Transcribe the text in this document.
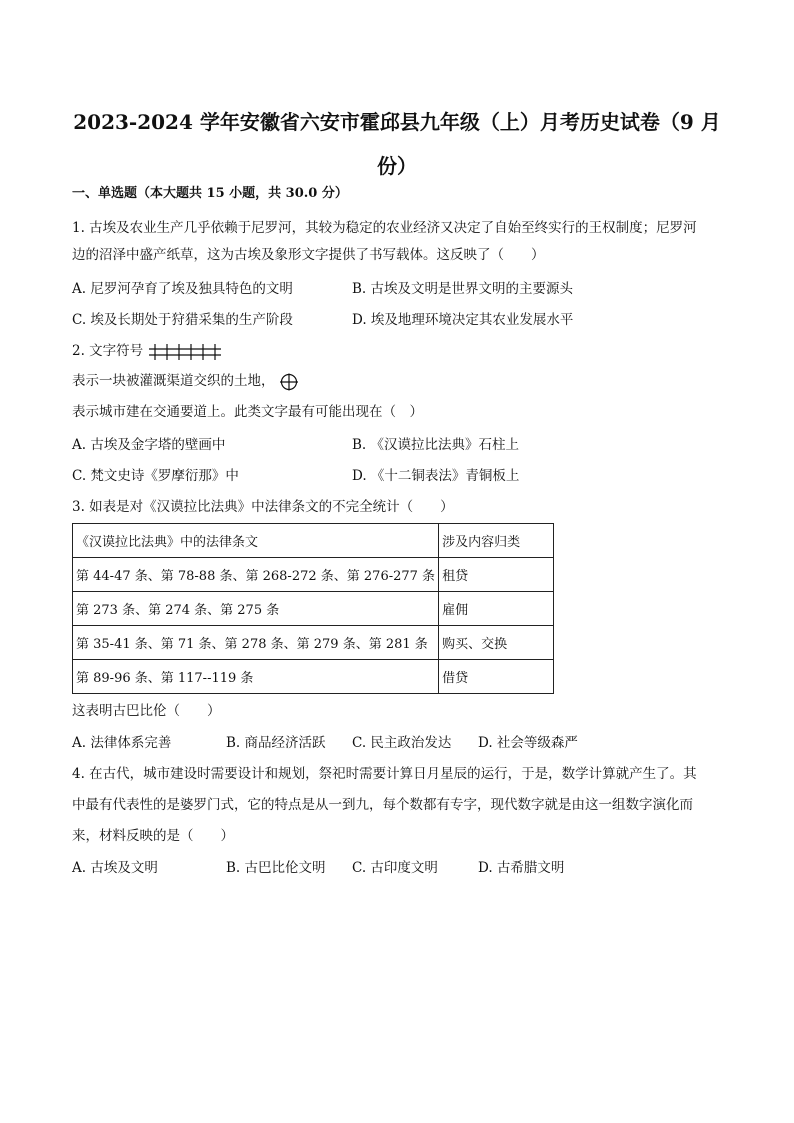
2023-2024 学年安徽省六安市霍邱县九年级（上）月考历史试卷（9 月
份）
一、单选题（本大题共 15 小题，共 30.0 分）
1. 古埃及农业生产几乎依赖于尼罗河，其较为稳定的农业经济又决定了自始至终实行的王权制度；尼罗河
边的沼泽中盛产纸草，这为古埃及象形文字提供了书写载体。这反映了（　　）
A. 尼罗河孕育了埃及独具特色的文明	B. 古埃及文明是世界文明的主要源头
C. 埃及长期处于狩猎采集的生产阶段	D. 埃及地理环境决定其农业发展水平
2. 文字符号
表示一块被灌溉渠道交织的土地，
表示城市建在交通要道上。此类文字最有可能出现在（　）
A. 古埃及金字塔的壁画中	B. 《汉谟拉比法典》石柱上
C. 梵文史诗《罗摩衍那》中	D. 《十二铜表法》青铜板上
3. 如表是对《汉谟拉比法典》中法律条文的不完全统计（　　）
《汉谟拉比法典》中的法律条文	涉及内容归类
第 44-47 条、第 78-88 条、第 268-272 条、第 276-277 条	租贷
第 273 条、第 274 条、第 275 条	雇佣
第 35-41 条、第 71 条、第 278 条、第 279 条、第 281 条	购买、交换
第 89-96 条、第 117--119 条	借贷
这表明古巴比伦（　　）
A. 法律体系完善	B. 商品经济活跃 C. 民主政治发达 D. 社会等级森严
4. 在古代，城市建设时需要设计和规划，祭祀时需要计算日月星辰的运行，于是，数学计算就产生了。其
中最有代表性的是婆罗门式，它的特点是从一到九，每个数都有专字，现代数字就是由这一组数字演化而
来，材料反映的是（　　）
A. 古埃及文明	B. 古巴比伦文明 C. 古印度文明	D. 古希腊文明
